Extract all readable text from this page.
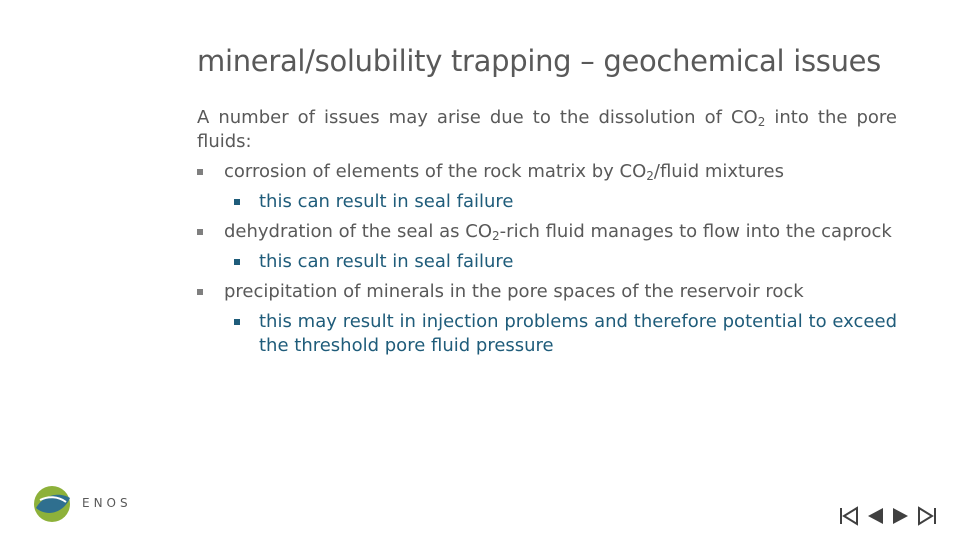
mineral/solubility trapping – geochemical issues
A number of issues may arise due to the dissolution of $CO_2$ into the pore fluids:
corrosion of elements of the rock matrix by $CO_2$/fluid mixtures
this can result in seal failure
dehydration of the seal as $CO_2$-rich fluid manages to flow into the caprock
this can result in seal failure
precipitation of minerals in the pore spaces of the reservoir rock
this may result in injection problems and therefore potential to exceed the threshold pore fluid pressure
ENOS
